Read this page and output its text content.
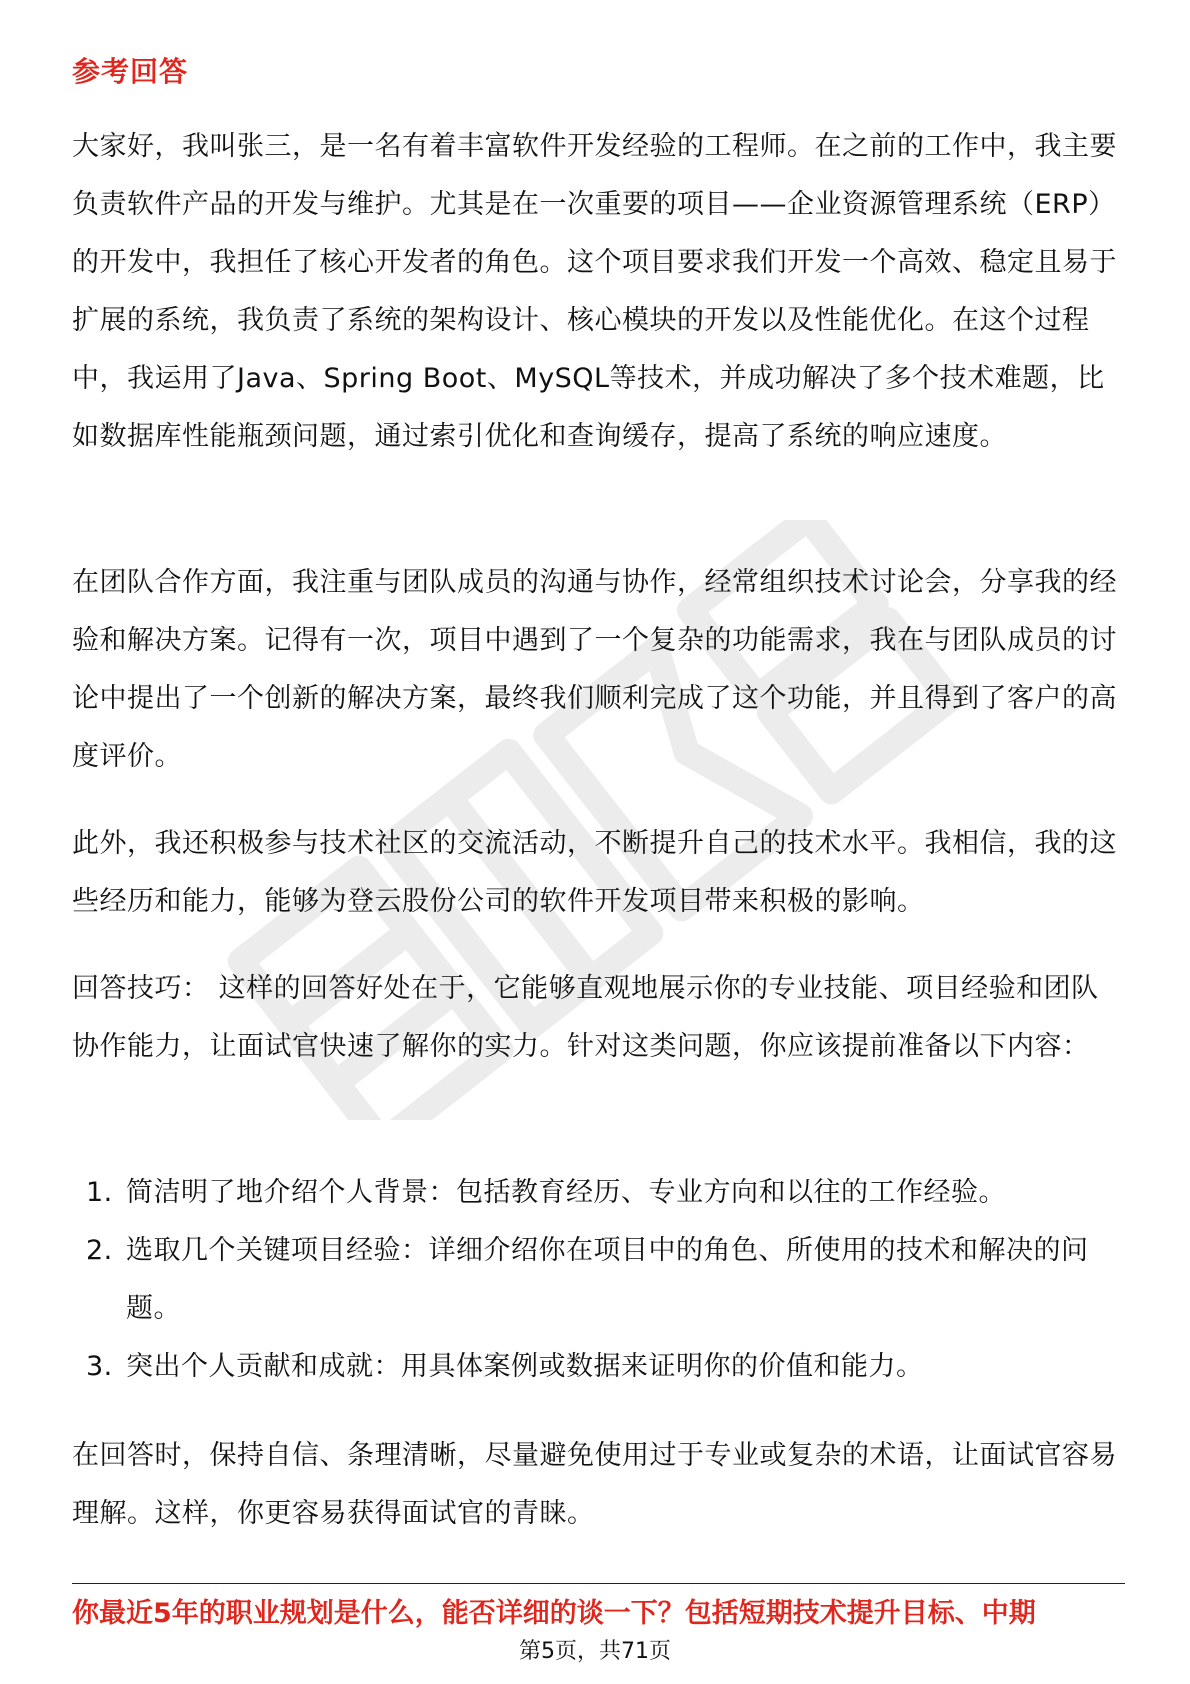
参考回答

大家好，我叫张三，是一名有着丰富软件开发经验的工程师。在之前的工作中，我主要负责软件产品的开发与维护。尤其是在一次重要的项目——企业资源管理系统（ERP）的开发中，我担任了核心开发者的角色。这个项目要求我们开发一个高效、稳定且易于扩展的系统，我负责了系统的架构设计、核心模块的开发以及性能优化。在这个过程中，我运用了Java、Spring Boot、MySQL等技术，并成功解决了多个技术难题，比如数据库性能瓶颈问题，通过索引优化和查询缓存，提高了系统的响应速度。

在团队合作方面，我注重与团队成员的沟通与协作，经常组织技术讨论会，分享我的经验和解决方案。记得有一次，项目中遇到了一个复杂的功能需求，我在与团队成员的讨论中提出了一个创新的解决方案，最终我们顺利完成了这个功能，并且得到了客户的高度评价。

此外，我还积极参与技术社区的交流活动，不断提升自己的技术水平。我相信，我的这些经历和能力，能够为登云股份公司的软件开发项目带来积极的影响。

回答技巧： 这样的回答好处在于，它能够直观地展示你的专业技能、项目经验和团队协作能力，让面试官快速了解你的实力。针对这类问题，你应该提前准备以下内容：

1. 简洁明了地介绍个人背景：包括教育经历、专业方向和以往的工作经验。
2. 选取几个关键项目经验：详细介绍你在项目中的角色、所使用的技术和解决的问题。
3. 突出个人贡献和成就：用具体案例或数据来证明你的价值和能力。

在回答时，保持自信、条理清晰，尽量避免使用过于专业或复杂的术语，让面试官容易理解。这样，你更容易获得面试官的青睐。

你最近5年的职业规划是什么，能否详细的谈一下？包括短期技术提升目标、中期
第5页，共71页
